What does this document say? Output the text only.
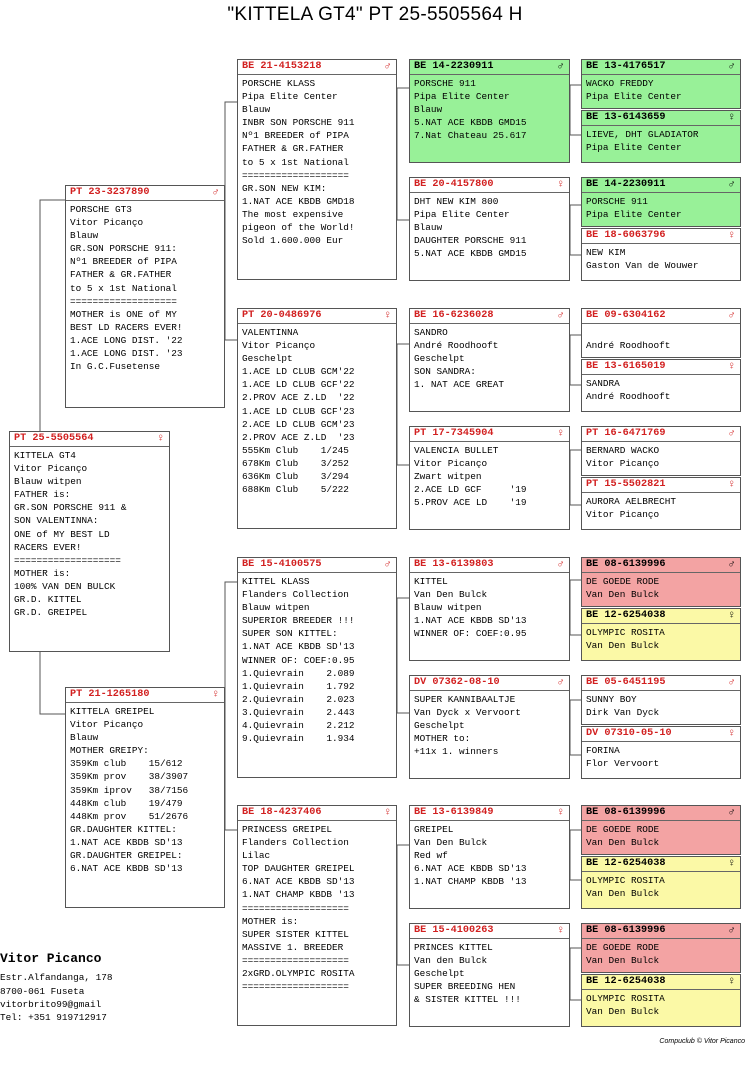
"KITTELA GT4" PT 25-5505564 H
PT 25-5505564	♀
KITTELA GT4
Vitor Picanço
Blauw witpen
FATHER is:
GR.SON PORSCHE 911 &
SON VALENTINNA:
ONE of MY BEST LD
RACERS EVER!
===================
MOTHER is:
100% VAN DEN BULCK
GR.D. KITTEL
GR.D. GREIPEL
PT 23-3237890	♂
PORSCHE GT3
Vitor Picanço
Blauw
GR.SON PORSCHE 911:
Nº1 BREEDER of PIPA
FATHER & GR.FATHER
to 5 x 1st National
===================
MOTHER is ONE of MY
BEST LD RACERS EVER!
1.ACE LONG DIST. '22
1.ACE LONG DIST. '23
In G.C.Fusetense
PT 21-1265180	♀
KITTELA GREIPEL
Vitor Picanço
Blauw
MOTHER GREIPY:
359Km club    15/612
359Km prov    38/3907
359Km iprov   38/7156
448Km club    19/479
448Km prov    51/2676
GR.DAUGHTER KITTEL:
1.NAT ACE KBDB SD'13
GR.DAUGHTER GREIPEL:
6.NAT ACE KBDB SD'13
BE 21-4153218	♂
PORSCHE KLASS
Pipa Elite Center
Blauw
INBR SON PORSCHE 911
Nº1 BREEDER of PIPA
FATHER & GR.FATHER
to 5 x 1st National
===================
GR.SON NEW KIM:
1.NAT ACE KBDB GMD18
The most expensive
pigeon of the World!
Sold 1.600.000 Eur
PT 20-0486976	♀
VALENTINNA
Vitor Picanço
Geschelpt
1.ACE LD CLUB GCM'22
1.ACE LD CLUB GCF'22
2.PROV ACE Z.LD  '22
1.ACE LD CLUB GCF'23
2.ACE LD CLUB GCM'23
2.PROV ACE Z.LD  '23
555Km Club    1/245
678Km Club    3/252
636Km Club    3/294
688Km Club    5/222
BE 15-4100575	♂
KITTEL KLASS
Flanders Collection
Blauw witpen
SUPERIOR BREEDER !!!
SUPER SON KITTEL:
1.NAT ACE KBDB SD'13
WINNER OF: COEF:0.95
1.Quievrain    2.089
1.Quievrain    1.792
2.Quievrain    2.023
3.Quievrain    2.443
4.Quievrain    2.212
9.Quievrain    1.934
BE 18-4237406	♀
PRINCESS GREIPEL
Flanders Collection
Lilac
TOP DAUGHTER GREIPEL
6.NAT ACE KBDB SD'13
1.NAT CHAMP KBDB '13
===================
MOTHER is:
SUPER SISTER KITTEL
MASSIVE 1. BREEDER
===================
2xGRD.OLYMPIC ROSITA
===================
BE 14-2230911	♂
PORSCHE 911
Pipa Elite Center
Blauw
5.NAT ACE KBDB GMD15
7.Nat Chateau 25.617
BE 20-4157800	♀
DHT NEW KIM 800
Pipa Elite Center
Blauw
DAUGHTER PORSCHE 911
5.NAT ACE KBDB GMD15
BE 16-6236028	♂
SANDRO
André Roodhooft
Geschelpt
SON SANDRA:
1. NAT ACE GREAT
PT 17-7345904	♀
VALENCIA BULLET
Vitor Picanço
Zwart witpen
2.ACE LD GCF     '19
5.PROV ACE LD    '19
BE 13-6139803	♂
KITTEL
Van Den Bulck
Blauw witpen
1.NAT ACE KBDB SD'13
WINNER OF: COEF:0.95
DV 07362-08-10	♂
SUPER KANNIBAALTJE
Van Dyck x Vervoort
Geschelpt
MOTHER to:
+11x 1. winners
BE 13-6139849	♀
GREIPEL
Van Den Bulck
Red wf
6.NAT ACE KBDB SD'13
1.NAT CHAMP KBDB '13
BE 15-4100263	♀
PRINCES KITTEL
Van den Bulck
Geschelpt
SUPER BREEDING HEN
& SISTER KITTEL !!!
BE 13-4176517	♂
WACKO FREDDY
Pipa Elite Center
BE 13-6143659	♀
LIEVE, DHT GLADIATOR
Pipa Elite Center
BE 14-2230911	♂
PORSCHE 911
Pipa Elite Center
BE 18-6063796	♀
NEW KIM
Gaston Van de Wouwer
BE 09-6304162	♂
André Roodhooft
BE 13-6165019	♀
SANDRA
André Roodhooft
PT 16-6471769	♂
BERNARD WACKO
Vitor Picanço
PT 15-5502821	♀
AURORA AELBRECHT
Vitor Picanço
BE 08-6139996	♂
DE GOEDE RODE
Van Den Bulck
BE 12-6254038	♀
OLYMPIC ROSITA
Van Den Bulck
BE 05-6451195	♂
SUNNY BOY
Dirk Van Dyck
DV 07310-05-10	♀
FORINA
Flor Vervoort
BE 08-6139996	♂
DE GOEDE RODE
Van Den Bulck
BE 12-6254038	♀
OLYMPIC ROSITA
Van Den Bulck
BE 08-6139996	♂
DE GOEDE RODE
Van Den Bulck
BE 12-6254038	♀
OLYMPIC ROSITA
Van Den Bulck
Vitor Picanco
Estr.Alfandanga, 178
8700-061 Fuseta
vitorbrito99@gmail
Tel: +351 919712917
Compuclub © Vitor Picanco
